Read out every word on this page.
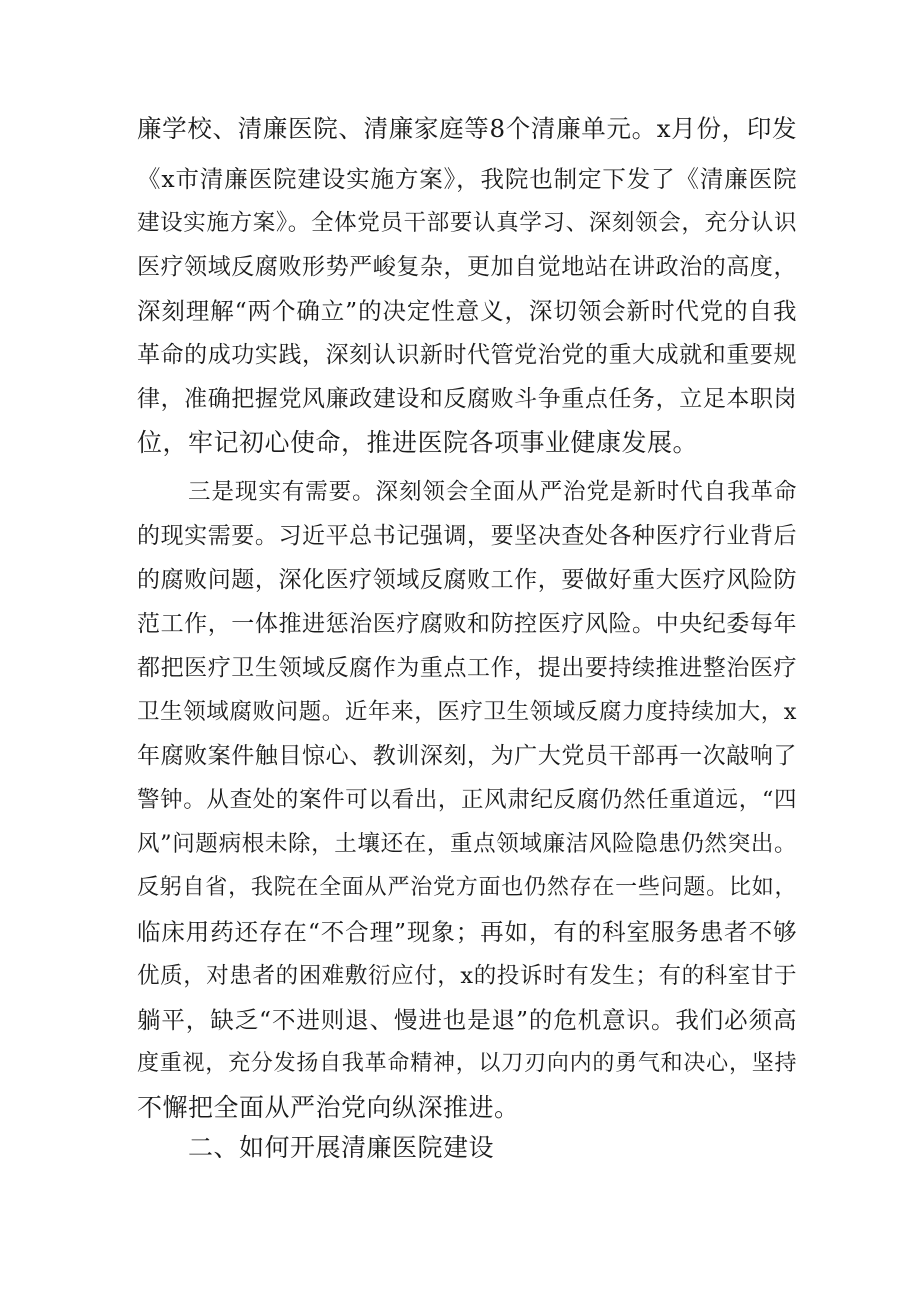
廉学校、清廉医院、清廉家庭等8个清廉单元。x月份，印发
《x市清廉医院建设实施方案》，我院也制定下发了《清廉医院
建设实施方案》。全体党员干部要认真学习、深刻领会，充分认识
医疗领域反腐败形势严峻复杂，更加自觉地站在讲政治的高度，
深刻理解“两个确立”的决定性意义，深切领会新时代党的自我
革命的成功实践，深刻认识新时代管党治党的重大成就和重要规
律，准确把握党风廉政建设和反腐败斗争重点任务，立足本职岗
位，牢记初心使命，推进医院各项事业健康发展。
三是现实有需要。深刻领会全面从严治党是新时代自我革命
的现实需要。习近平总书记强调，要坚决查处各种医疗行业背后
的腐败问题，深化医疗领域反腐败工作，要做好重大医疗风险防
范工作，一体推进惩治医疗腐败和防控医疗风险。中央纪委每年
都把医疗卫生领域反腐作为重点工作，提出要持续推进整治医疗
卫生领域腐败问题。近年来，医疗卫生领域反腐力度持续加大，x
年腐败案件触目惊心、教训深刻，为广大党员干部再一次敲响了
警钟。从查处的案件可以看出，正风肃纪反腐仍然任重道远，“四
风”问题病根未除，土壤还在，重点领域廉洁风险隐患仍然突出。
反躬自省，我院在全面从严治党方面也仍然存在一些问题。比如，
临床用药还存在“不合理”现象；再如，有的科室服务患者不够
优质，对患者的困难敷衍应付，x的投诉时有发生；有的科室甘于
躺平，缺乏“不进则退、慢进也是退”的危机意识。我们必须高
度重视，充分发扬自我革命精神，以刀刃向内的勇气和决心，坚持
不懈把全面从严治党向纵深推进。
二、如何开展清廉医院建设
